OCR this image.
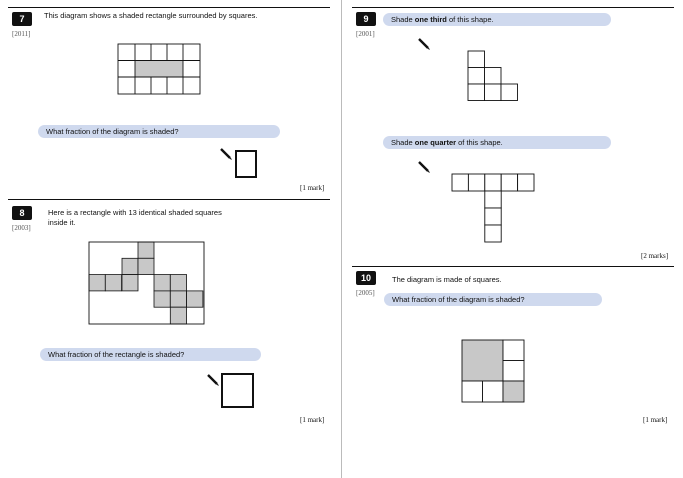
7
[2011]
This diagram shows a shaded rectangle surrounded by squares.
What fraction of the diagram is shaded?
[1 mark]
8
[2003]
Here is a rectangle with 13 identical shaded squares
inside it.
What fraction of the rectangle is shaded?
[1 mark]
9
[2001]
Shade one third of this shape.
Shade one quarter of this shape.
[2 marks]
10
[2005]
The diagram is made of squares.
What fraction of the diagram is shaded?
[1 mark]
